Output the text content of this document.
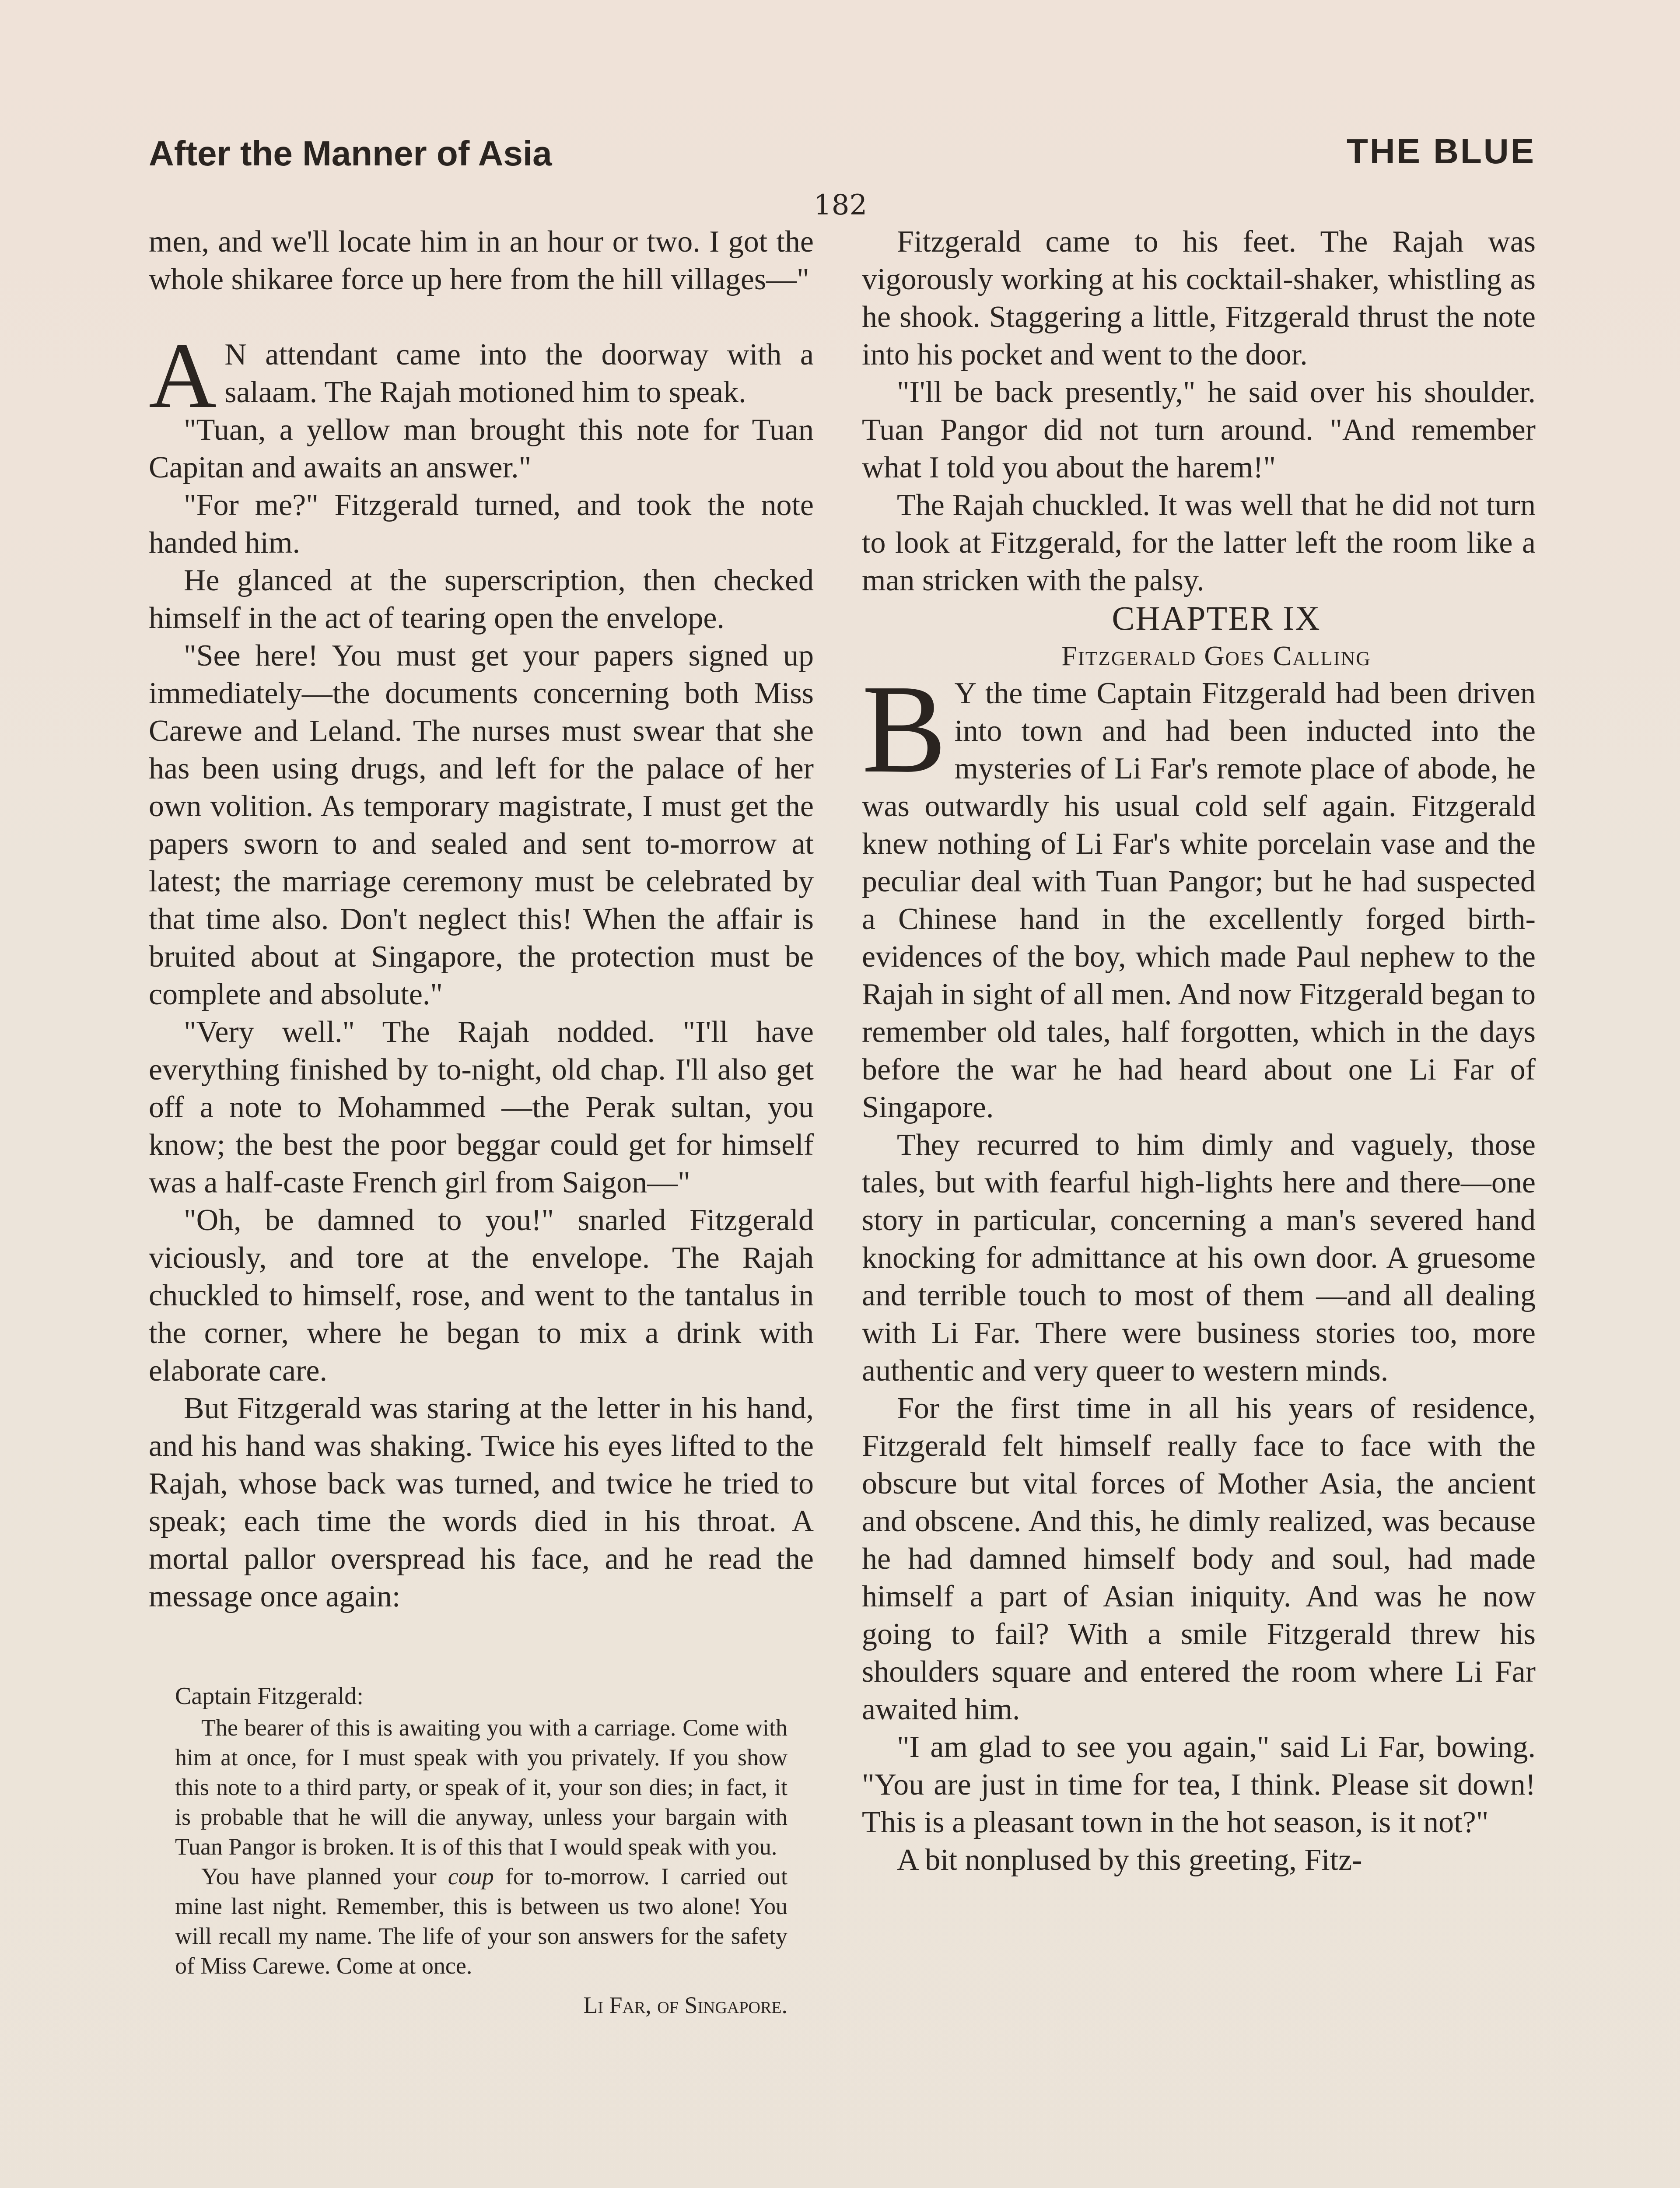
After the Manner of Asia	THE BLUE
182

men, and we'll locate him in an hour or two. I got the whole shikaree force up here from the hill villages—"

A N attendant came into the doorway with a salaam. The Rajah motioned him to speak.

"Tuan, a yellow man brought this note for Tuan Capitan and awaits an answer."

"For me?" Fitzgerald turned, and took the note handed him.

He glanced at the superscription, then checked himself in the act of tearing open the envelope.

"See here! You must get your papers signed up immediately—the documents concerning both Miss Carewe and Leland. The nurses must swear that she has been using drugs, and left for the palace of her own volition. As temporary magistrate, I must get the papers sworn to and sealed and sent to-morrow at latest; the marriage ceremony must be celebrated by that time also. Don't neglect this! When the affair is bruited about at Singapore, the protection must be complete and absolute."

"Very well." The Rajah nodded. "I'll have everything finished by to-night, old chap. I'll also get off a note to Mohammed —the Perak sultan, you know; the best the poor beggar could get for himself was a half-caste French girl from Saigon—"

"Oh, be damned to you!" snarled Fitzgerald viciously, and tore at the envelope. The Rajah chuckled to himself, rose, and went to the tantalus in the corner, where he began to mix a drink with elaborate care.

But Fitzgerald was staring at the letter in his hand, and his hand was shaking. Twice his eyes lifted to the Rajah, whose back was turned, and twice he tried to speak; each time the words died in his throat. A mortal pallor overspread his face, and he read the message once again:

Captain Fitzgerald:

The bearer of this is awaiting you with a carriage. Come with him at once, for I must speak with you privately. If you show this note to a third party, or speak of it, your son dies; in fact, it is probable that he will die anyway, unless your bargain with Tuan Pangor is broken. It is of this that I would speak with you.

You have planned your coup for to-morrow. I carried out mine last night. Remember, this is between us two alone! You will recall my name. The life of your son answers for the safety of Miss Carewe. Come at once.

Li Far, of Singapore.

Fitzgerald came to his feet. The Rajah was vigorously working at his cocktail-shaker, whistling as he shook. Staggering a little, Fitzgerald thrust the note into his pocket and went to the door.

"I'll be back presently," he said over his shoulder. Tuan Pangor did not turn around. "And remember what I told you about the harem!"

The Rajah chuckled. It was well that he did not turn to look at Fitzgerald, for the latter left the room like a man stricken with the palsy.

CHAPTER IX

Fitzgerald Goes Calling

B Y the time Captain Fitzgerald had been driven into town and had been inducted into the mysteries of Li Far's remote place of abode, he was outwardly his usual cold self again. Fitzgerald knew nothing of Li Far's white porcelain vase and the peculiar deal with Tuan Pangor; but he had suspected a Chinese hand in the excellently forged birth-evidences of the boy, which made Paul nephew to the Rajah in sight of all men. And now Fitzgerald began to remember old tales, half forgotten, which in the days before the war he had heard about one Li Far of Singapore.

They recurred to him dimly and vaguely, those tales, but with fearful high-lights here and there—one story in particular, concerning a man's severed hand knocking for admittance at his own door. A gruesome and terrible touch to most of them —and all dealing with Li Far. There were business stories too, more authentic and very queer to western minds.

For the first time in all his years of residence, Fitzgerald felt himself really face to face with the obscure but vital forces of Mother Asia, the ancient and obscene. And this, he dimly realized, was because he had damned himself body and soul, had made himself a part of Asian iniquity. And was he now going to fail? With a smile Fitzgerald threw his shoulders square and entered the room where Li Far awaited him.

"I am glad to see you again," said Li Far, bowing. "You are just in time for tea, I think. Please sit down! This is a pleasant town in the hot season, is it not?"

A bit nonplused by this greeting, Fitz-
